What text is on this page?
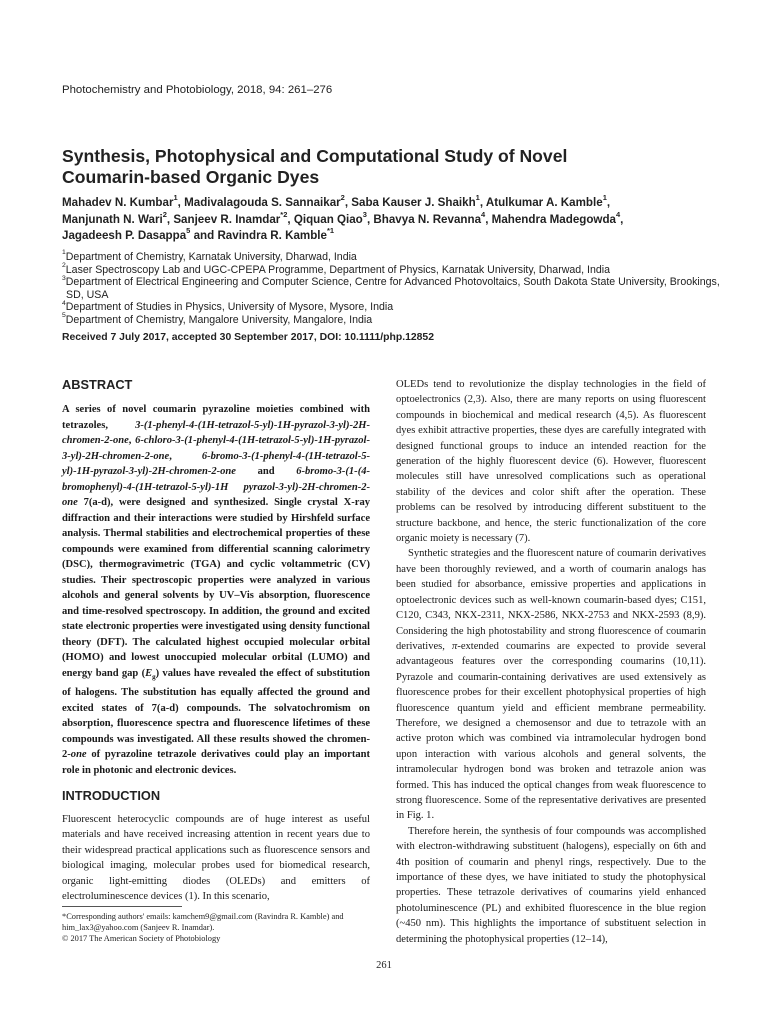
Photochemistry and Photobiology, 2018, 94: 261–276
Synthesis, Photophysical and Computational Study of Novel
Coumarin-based Organic Dyes
Mahadev N. Kumbar$^1$, Madivalagouda S. Sannaikar$^2$, Saba Kauser J. Shaikh$^1$, Atulkumar A. Kamble$^1$,
Manjunath N. Wari$^2$, Sanjeev R. Inamdar$^{*2}$, Qiquan Qiao$^3$, Bhavya N. Revanna$^4$, Mahendra Madegowda$^4$,
Jagadeesh P. Dasappa$^5$ and Ravindra R. Kamble$^{*1}$
$^1$Department of Chemistry, Karnatak University, Dharwad, India
$^2$Laser Spectroscopy Lab and UGC-CPEPA Programme, Department of Physics, Karnatak University, Dharwad, India
$^3$Department of Electrical Engineering and Computer Science, Centre for Advanced Photovoltaics, South Dakota State University, Brookings, SD, USA
$^4$Department of Studies in Physics, University of Mysore, Mysore, India
$^5$Department of Chemistry, Mangalore University, Mangalore, India
Received 7 July 2017, accepted 30 September 2017, DOI: 10.1111/php.12852
ABSTRACT
A series of novel coumarin pyrazoline moieties combined with tetrazoles, 3-(1-phenyl-4-(1H-tetrazol-5-yl)-1H-pyrazol-3-yl)-2H-chromen-2-one, 6-chloro-3-(1-phenyl-4-(1H-tetrazol-5-yl)-1H-pyrazol-3-yl)-2H-chromen-2-one, 6-bromo-3-(1-phenyl-4-(1H-tetrazol-5-yl)-1H-pyrazol-3-yl)-2H-chromen-2-one and 6-bromo-3-(1-(4-bromophenyl)-4-(1H-tetrazol-5-yl)-1H pyrazol-3-yl)-2H-chromen-2-one 7(a-d), were designed and synthesized. Single crystal X-ray diffraction and their interactions were studied by Hirshfeld surface analysis. Thermal stabilities and electrochemical properties of these compounds were examined from differential scanning calorimetry (DSC), thermogravimetric (TGA) and cyclic voltammetric (CV) studies. Their spectroscopic properties were analyzed in various alcohols and general solvents by UV–Vis absorption, fluorescence and time-resolved spectroscopy. In addition, the ground and excited state electronic properties were investigated using density functional theory (DFT). The calculated highest occupied molecular orbital (HOMO) and lowest unoccupied molecular orbital (LUMO) and energy band gap $(E_g)$ values have revealed the effect of substitution of halogens. The substitution has equally affected the ground and excited states of 7(a-d) compounds. The solvatochromism on absorption, fluorescence spectra and fluorescence lifetimes of these compounds was investigated. All these results showed the chromen-2-one of pyrazoline tetrazole derivatives could play an important role in photonic and electronic devices.
INTRODUCTION
Fluorescent heterocyclic compounds are of huge interest as useful materials and have received increasing attention in recent years due to their widespread practical applications such as fluorescence sensors and biological imaging, molecular probes used for biomedical research, organic light-emitting diodes (OLEDs) and emitters of electroluminescence devices (1). In this scenario,
*Corresponding authors' emails: kamchem9@gmail.com (Ravindra R. Kamble) and him_lax3@yahoo.com (Sanjeev R. Inamdar).
© 2017 The American Society of Photobiology

OLEDs tend to revolutionize the display technologies in the field of optoelectronics (2,3). Also, there are many reports on using fluorescent compounds in biochemical and medical research (4,5). As fluorescent dyes exhibit attractive properties, these dyes are carefully integrated with designed functional groups to induce an intended reaction for the generation of the highly fluorescent device (6). However, fluorescent molecules still have unresolved complications such as operational stability of the devices and color shift after the operation. These problems can be resolved by introducing different substituent to the structure backbone, and hence, the steric functionalization of the core organic moiety is necessary (7).

Synthetic strategies and the fluorescent nature of coumarin derivatives have been thoroughly reviewed, and a worth of coumarin analogs has been studied for absorbance, emissive properties and applications in optoelectronic devices such as well-known coumarin-based dyes; C151, C120, C343, NKX-2311, NKX-2586, NKX-2753 and NKX-2593 (8,9). Considering the high photostability and strong fluorescence of coumarin derivatives, π-extended coumarins are expected to provide several advantageous features over the corresponding coumarins (10,11). Pyrazole and coumarin-containing derivatives are used extensively as fluorescence probes for their excellent photophysical properties of high fluorescence quantum yield and efficient membrane permeability. Therefore, we designed a chemosensor and due to tetrazole with an active proton which was combined via intramolecular hydrogen bond upon interaction with various alcohols and general solvents, the intramolecular hydrogen bond was broken and tetrazole anion was formed. This has induced the optical changes from weak fluorescence to strong fluorescence. Some of the representative derivatives are presented in Fig. 1.

Therefore herein, the synthesis of four compounds was accomplished with electron-withdrawing substituent (halogens), especially on 6th and 4th position of coumarin and phenyl rings, respectively. Due to the importance of these dyes, we have initiated to study the photophysical properties. These tetrazole derivatives of coumarins yield enhanced photoluminescence (PL) and exhibited fluorescence in the blue region (~450 nm). This highlights the importance of substituent selection in determining the photophysical properties (12–14),

261
